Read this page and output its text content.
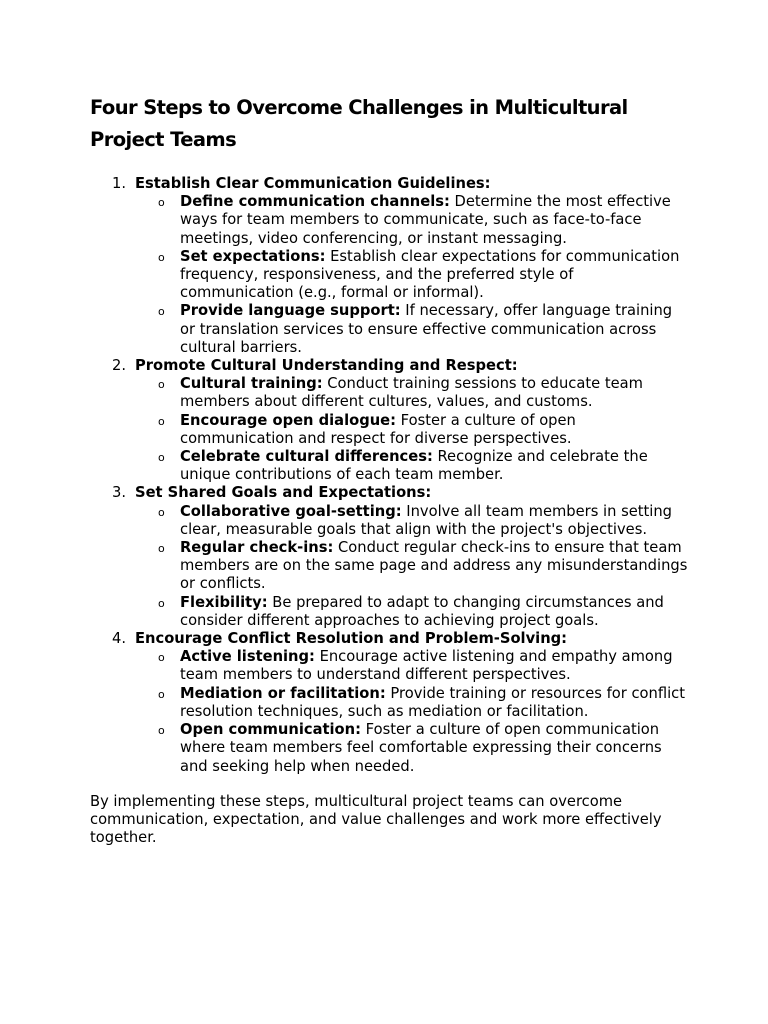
Four Steps to Overcome Challenges in Multicultural Project Teams
1. Establish Clear Communication Guidelines:
o Define communication channels: Determine the most effective ways for team members to communicate, such as face-to-face meetings, video conferencing, or instant messaging.
o Set expectations: Establish clear expectations for communication frequency, responsiveness, and the preferred style of communication (e.g., formal or informal).
o Provide language support: If necessary, offer language training or translation services to ensure effective communication across cultural barriers.
2. Promote Cultural Understanding and Respect:
o Cultural training: Conduct training sessions to educate team members about different cultures, values, and customs.
o Encourage open dialogue: Foster a culture of open communication and respect for diverse perspectives.
o Celebrate cultural differences: Recognize and celebrate the unique contributions of each team member.
3. Set Shared Goals and Expectations:
o Collaborative goal-setting: Involve all team members in setting clear, measurable goals that align with the project's objectives.
o Regular check-ins: Conduct regular check-ins to ensure that team members are on the same page and address any misunderstandings or conflicts.
o Flexibility: Be prepared to adapt to changing circumstances and consider different approaches to achieving project goals.
4. Encourage Conflict Resolution and Problem-Solving:
o Active listening: Encourage active listening and empathy among team members to understand different perspectives.
o Mediation or facilitation: Provide training or resources for conflict resolution techniques, such as mediation or facilitation.
o Open communication: Foster a culture of open communication where team members feel comfortable expressing their concerns and seeking help when needed.

By implementing these steps, multicultural project teams can overcome communication, expectation, and value challenges and work more effectively together.
